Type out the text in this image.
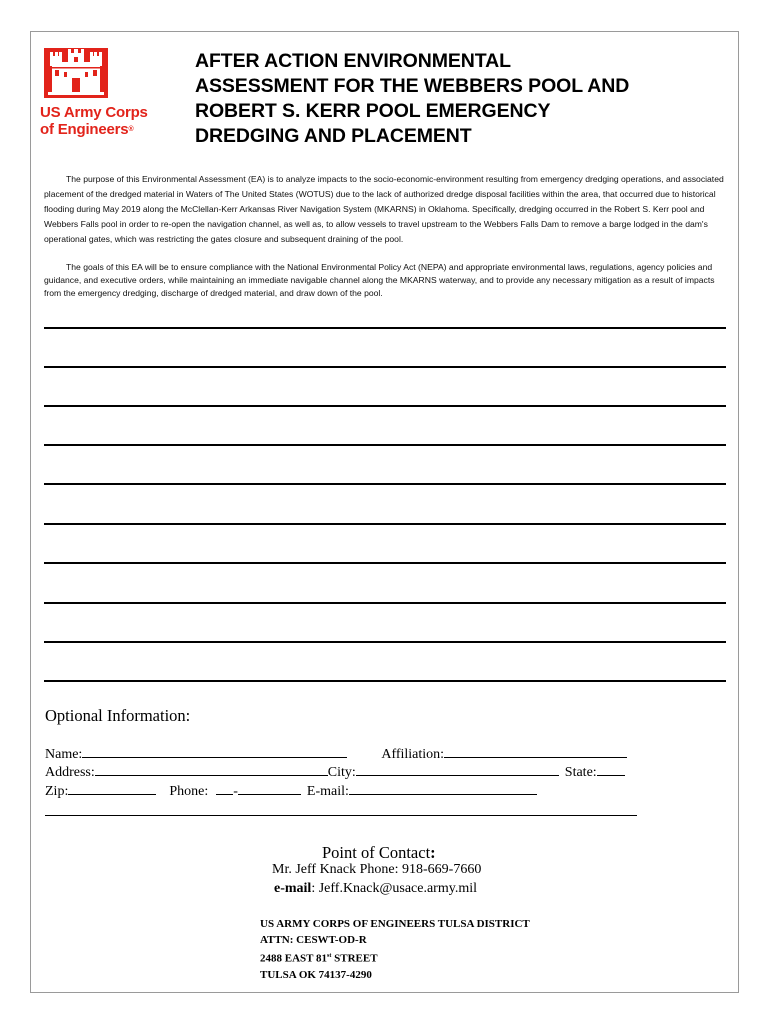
US Army Corps
of Engineers®
AFTER ACTION ENVIRONMENTAL
ASSESSMENT FOR THE WEBBERS POOL AND
ROBERT S. KERR POOL EMERGENCY
DREDGING AND PLACEMENT

The purpose of this Environmental Assessment (EA) is to analyze impacts to the socio-economic-environment resulting from emergency dredging operations, and associated placement of the dredged material in Waters of The United States (WOTUS) due to the lack of authorized dredge disposal facilities within the area, that occurred due to historical flooding during May 2019 along the McClellan-Kerr Arkansas River Navigation System (MKARNS) in Oklahoma. Specifically, dredging occurred in the Robert S. Kerr pool and Webbers Falls pool in order to re-open the navigation channel, as well as, to allow vessels to travel upstream to the Webbers Falls Dam to remove a barge lodged in the dam's operational gates, which was restricting the gates closure and subsequent draining of the pool.

The goals of this EA will be to ensure compliance with the National Environmental Policy Act (NEPA) and appropriate environmental laws, regulations, agency policies and guidance, and executive orders, while maintaining an immediate navigable channel along the MKARNS waterway, and to provide any necessary mitigation as a result of impacts from the emergency dredging, discharge of dredged material, and draw down of the pool.

Optional Information:
Name:	Affiliation:
Address:	City:	State:
Zip:	Phone: -	E-mail:
Point of Contact:
Mr. Jeff Knack Phone: 918-669-7660
e-mail: Jeff.Knack@usace.army.mil
US ARMY CORPS OF ENGINEERS TULSA DISTRICT
ATTN: CESWT-OD-R
2488 EAST 81st STREET
TULSA OK 74137-4290
